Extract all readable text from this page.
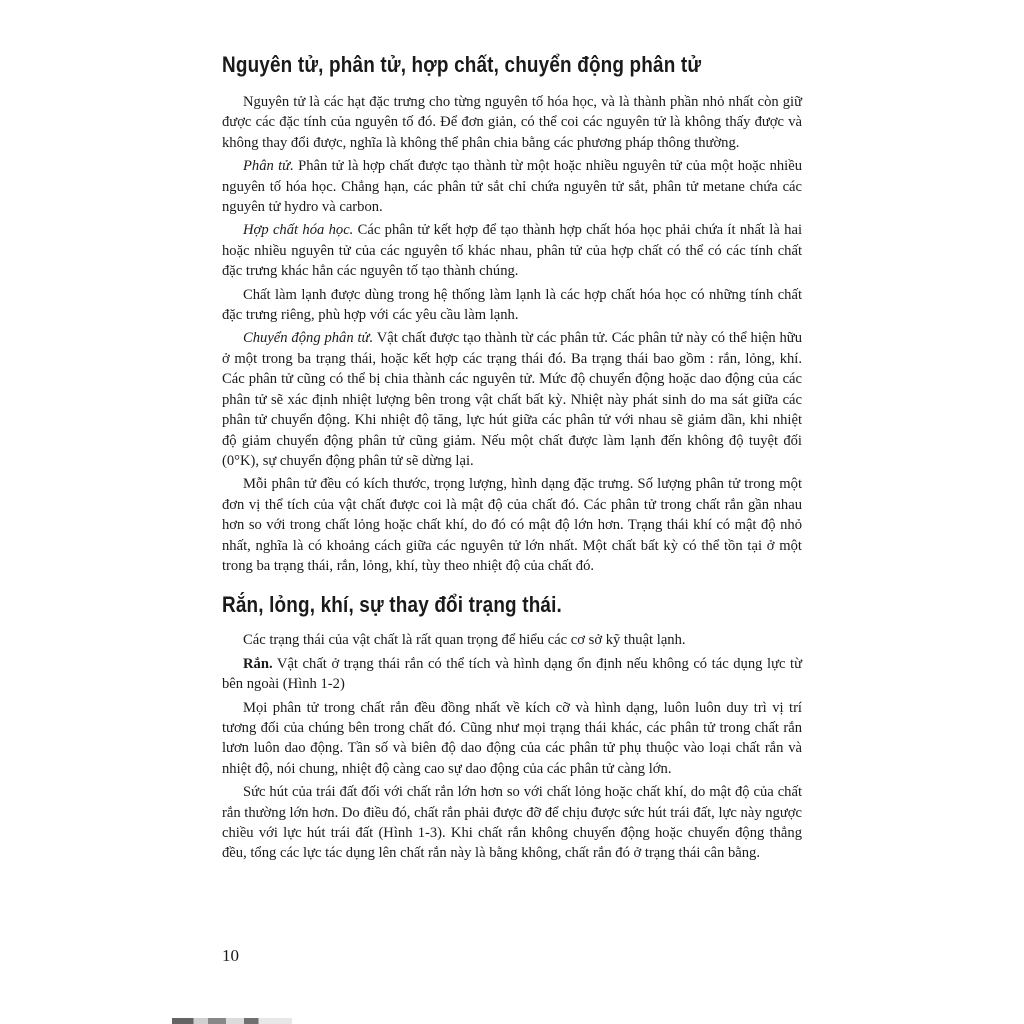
Nguyên tử, phân tử, hợp chất, chuyển động phân tử

Nguyên tử là các hạt đặc trưng cho từng nguyên tố hóa học, và là thành phần nhỏ nhất còn giữ được các đặc tính của nguyên tố đó. Để đơn giản, có thể coi các nguyên tử là không thấy được và không thay đổi được, nghĩa là không thể phân chia bằng các phương pháp thông thường.

Phân tử. Phân tử là hợp chất được tạo thành từ một hoặc nhiều nguyên tử của một hoặc nhiều nguyên tố hóa học. Chẳng hạn, các phân tử sắt chỉ chứa nguyên tử sắt, phân tử metane chứa các nguyên tử hydro và carbon.

Hợp chất hóa học. Các phân tử kết hợp để tạo thành hợp chất hóa học phải chứa ít nhất là hai hoặc nhiều nguyên tử của các nguyên tố khác nhau, phân tử của hợp chất có thể có các tính chất đặc trưng khác hẳn các nguyên tố tạo thành chúng.

Chất làm lạnh được dùng trong hệ thống làm lạnh là các hợp chất hóa học có những tính chất đặc trưng riêng, phù hợp với các yêu cầu làm lạnh.

Chuyển động phân tử. Vật chất được tạo thành từ các phân tử. Các phân tử này có thể hiện hữu ở một trong ba trạng thái, hoặc kết hợp các trạng thái đó. Ba trạng thái bao gồm : rắn, lỏng, khí. Các phân tử cũng có thể bị chia thành các nguyên tử. Mức độ chuyển động hoặc dao động của các phân tử sẽ xác định nhiệt lượng bên trong vật chất bất kỳ. Nhiệt này phát sinh do ma sát giữa các phân tử chuyển động. Khi nhiệt độ tăng, lực hút giữa các phân tử với nhau sẽ giảm dần, khi nhiệt độ giảm chuyển động phân tử cũng giảm. Nếu một chất được làm lạnh đến không độ tuyệt đối (0°K), sự chuyển động phân tử sẽ dừng lại.

Mỗi phân tử đều có kích thước, trọng lượng, hình dạng đặc trưng. Số lượng phân tử trong một đơn vị thể tích của vật chất được coi là mật độ của chất đó. Các phân tử trong chất rắn gần nhau hơn so với trong chất lỏng hoặc chất khí, do đó có mật độ lớn hơn. Trạng thái khí có mật độ nhỏ nhất, nghĩa là có khoảng cách giữa các nguyên tử lớn nhất. Một chất bất kỳ có thể tồn tại ở một trong ba trạng thái, rắn, lỏng, khí, tùy theo nhiệt độ của chất đó.

Rắn, lỏng, khí, sự thay đổi trạng thái.

Các trạng thái của vật chất là rất quan trọng để hiểu các cơ sở kỹ thuật lạnh.

Rắn. Vật chất ở trạng thái rắn có thể tích và hình dạng ổn định nếu không có tác dụng lực từ bên ngoài (Hình 1-2)

Mọi phân tử trong chất rắn đều đồng nhất về kích cỡ và hình dạng, luôn luôn duy trì vị trí tương đối của chúng bên trong chất đó. Cũng như mọi trạng thái khác, các phân tử trong chất rắn lươn luôn dao động. Tần số và biên độ dao động của các phân tử phụ thuộc vào loại chất rắn và nhiệt độ, nói chung, nhiệt độ càng cao sự dao động của các phân tử càng lớn.

Sức hút của trái đất đối với chất rắn lớn hơn so với chất lỏng hoặc chất khí, do mật độ của chất rắn thường lớn hơn. Do điều đó, chất rắn phải được đỡ để chịu được sức hút trái đất, lực này ngược chiều với lực hút trái đất (Hình 1-3). Khi chất rắn không chuyển động hoặc chuyển động thẳng đều, tổng các lực tác dụng lên chất rắn này là bằng không, chất rắn đó ở trạng thái cân bằng.

10
